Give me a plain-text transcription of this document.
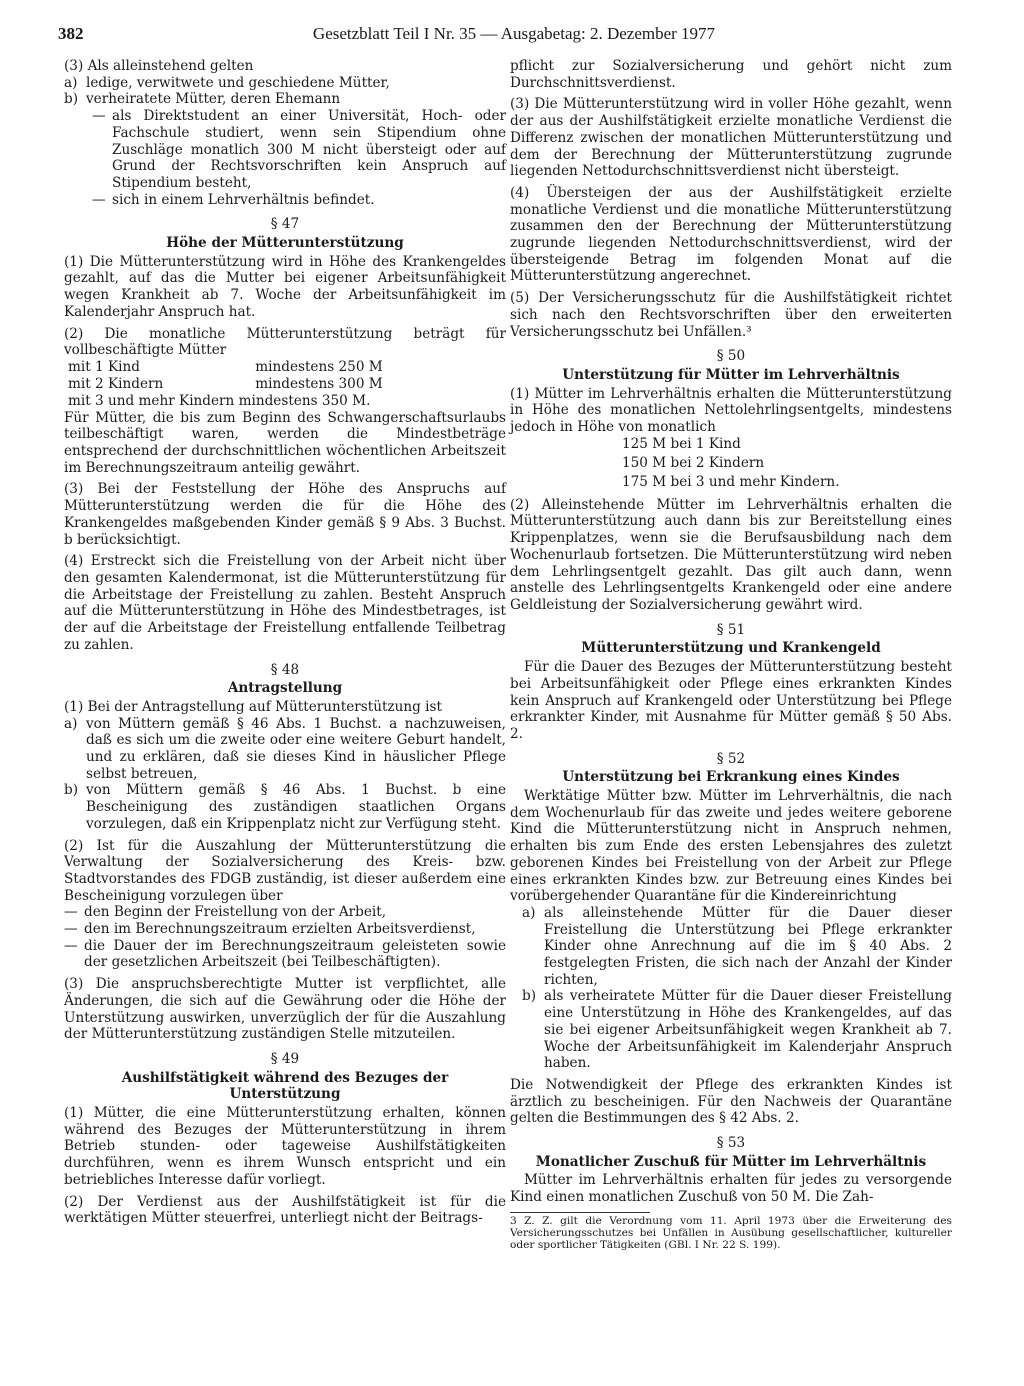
382	Gesetzblatt Teil I Nr. 35 — Ausgabetag: 2. Dezember 1977

(3) Als alleinstehend gelten

a) ledige, verwitwete und geschiedene Mütter,
b) verheiratete Mütter, deren Ehemann
— als Direktstudent an einer Universität, Hoch- oder Fachschule studiert, wenn sein Stipendium ohne Zuschläge monatlich 300 M nicht übersteigt oder auf Grund der Rechtsvorschriften kein Anspruch auf Stipendium besteht,
— sich in einem Lehrverhältnis befindet.
§ 47
Höhe der Mütterunterstützung

(1) Die Mütterunterstützung wird in Höhe des Krankengeldes gezahlt, auf das die Mutter bei eigener Arbeitsunfähigkeit wegen Krankheit ab 7. Woche der Arbeitsunfähigkeit im Kalenderjahr Anspruch hat.

(2) Die monatliche Mütterunterstützung beträgt für vollbeschäftigte Mütter

mit 1 Kind	mindestens 250 M
mit 2 Kindern	mindestens 300 M

mit 3 und mehr Kindern mindestens 350 M.

Für Mütter, die bis zum Beginn des Schwangerschaftsurlaubs teilbeschäftigt waren, werden die Mindestbeträge entsprechend der durchschnittlichen wöchentlichen Arbeitszeit im Berechnungszeitraum anteilig gewährt.

(3) Bei der Feststellung der Höhe des Anspruchs auf Mütterunterstützung werden die für die Höhe des Krankengeldes maßgebenden Kinder gemäß § 9 Abs. 3 Buchst. b berücksichtigt.

(4) Erstreckt sich die Freistellung von der Arbeit nicht über den gesamten Kalendermonat, ist die Mütterunterstützung für die Arbeitstage der Freistellung zu zahlen. Besteht Anspruch auf die Mütterunterstützung in Höhe des Mindestbetrages, ist der auf die Arbeitstage der Freistellung entfallende Teilbetrag zu zahlen.

§ 48
Antragstellung

(1) Bei der Antragstellung auf Mütterunterstützung ist

a) von Müttern gemäß § 46 Abs. 1 Buchst. a nachzuweisen, daß es sich um die zweite oder eine weitere Geburt handelt, und zu erklären, daß sie dieses Kind in häuslicher Pflege selbst betreuen,
b) von Müttern gemäß § 46 Abs. 1 Buchst. b eine Bescheinigung des zuständigen staatlichen Organs vorzulegen, daß ein Krippenplatz nicht zur Verfügung steht.

(2) Ist für die Auszahlung der Mütterunterstützung die Verwaltung der Sozialversicherung des Kreis- bzw. Stadtvorstandes des FDGB zuständig, ist dieser außerdem eine Bescheinigung vorzulegen über

— den Beginn der Freistellung von der Arbeit,
— den im Berechnungszeitraum erzielten Arbeitsverdienst,
— die Dauer der im Berechnungszeitraum geleisteten sowie der gesetzlichen Arbeitszeit (bei Teilbeschäftigten).

(3) Die anspruchsberechtigte Mutter ist verpflichtet, alle Änderungen, die sich auf die Gewährung oder die Höhe der Unterstützung auswirken, unverzüglich der für die Auszahlung der Mütterunterstützung zuständigen Stelle mitzuteilen.

§ 49
Aushilfstätigkeit während des Bezuges der Unterstützung

(1) Mütter, die eine Mütterunterstützung erhalten, können während des Bezuges der Mütterunterstützung in ihrem Betrieb stunden- oder tageweise Aushilfstätigkeiten durchführen, wenn es ihrem Wunsch entspricht und ein betriebliches Interesse dafür vorliegt.

(2) Der Verdienst aus der Aushilfstätigkeit ist für die werktätigen Mütter steuerfrei, unterliegt nicht der Beitrags-

pflicht zur Sozialversicherung und gehört nicht zum Durchschnittsverdienst.

(3) Die Mütterunterstützung wird in voller Höhe gezahlt, wenn der aus der Aushilfstätigkeit erzielte monatliche Verdienst die Differenz zwischen der monatlichen Mütterunterstützung und dem der Berechnung der Mütterunterstützung zugrunde liegenden Nettodurchschnittsverdienst nicht übersteigt.

(4) Übersteigen der aus der Aushilfstätigkeit erzielte monatliche Verdienst und die monatliche Mütterunterstützung zusammen den der Berechnung der Mütterunterstützung zugrunde liegenden Nettodurchschnittsverdienst, wird der übersteigende Betrag im folgenden Monat auf die Mütterunterstützung angerechnet.

(5) Der Versicherungsschutz für die Aushilfstätigkeit richtet sich nach den Rechtsvorschriften über den erweiterten Versicherungsschutz bei Unfällen.³

§ 50
Unterstützung für Mütter im Lehrverhältnis

(1) Mütter im Lehrverhältnis erhalten die Mütterunterstützung in Höhe des monatlichen Nettolehrlingsentgelts, mindestens jedoch in Höhe von monatlich

125 M bei 1 Kind
150 M bei 2 Kindern
175 M bei 3 und mehr Kindern.

(2) Alleinstehende Mütter im Lehrverhältnis erhalten die Mütterunterstützung auch dann bis zur Bereitstellung eines Krippenplatzes, wenn sie die Berufsausbildung nach dem Wochenurlaub fortsetzen. Die Mütterunterstützung wird neben dem Lehrlingsentgelt gezahlt. Das gilt auch dann, wenn anstelle des Lehrlingsentgelts Krankengeld oder eine andere Geldleistung der Sozialversicherung gewährt wird.

§ 51
Mütterunterstützung und Krankengeld

Für die Dauer des Bezuges der Mütterunterstützung besteht bei Arbeitsunfähigkeit oder Pflege eines erkrankten Kindes kein Anspruch auf Krankengeld oder Unterstützung bei Pflege erkrankter Kinder, mit Ausnahme für Mütter gemäß § 50 Abs. 2.

§ 52
Unterstützung bei Erkrankung eines Kindes

Werktätige Mütter bzw. Mütter im Lehrverhältnis, die nach dem Wochenurlaub für das zweite und jedes weitere geborene Kind die Mütterunterstützung nicht in Anspruch nehmen, erhalten bis zum Ende des ersten Lebensjahres des zuletzt geborenen Kindes bei Freistellung von der Arbeit zur Pflege eines erkrankten Kindes bzw. zur Betreuung eines Kindes bei vorübergehender Quarantäne für die Kindereinrichtung

a) als alleinstehende Mütter für die Dauer dieser Freistellung die Unterstützung bei Pflege erkrankter Kinder ohne Anrechnung auf die im § 40 Abs. 2 festgelegten Fristen, die sich nach der Anzahl der Kinder richten,
b) als verheiratete Mütter für die Dauer dieser Freistellung eine Unterstützung in Höhe des Krankengeldes, auf das sie bei eigener Arbeitsunfähigkeit wegen Krankheit ab 7. Woche der Arbeitsunfähigkeit im Kalenderjahr Anspruch haben.

Die Notwendigkeit der Pflege des erkrankten Kindes ist ärztlich zu bescheinigen. Für den Nachweis der Quarantäne gelten die Bestimmungen des § 42 Abs. 2.

§ 53
Monatlicher Zuschuß für Mütter im Lehrverhältnis

Mütter im Lehrverhältnis erhalten für jedes zu versorgende Kind einen monatlichen Zuschuß von 50 M. Die Zah-

3 Z. Z. gilt die Verordnung vom 11. April 1973 über die Erweiterung des Versicherungsschutzes bei Unfällen in Ausübung gesellschaftlicher, kultureller oder sportlicher Tätigkeiten (GBl. I Nr. 22 S. 199).
